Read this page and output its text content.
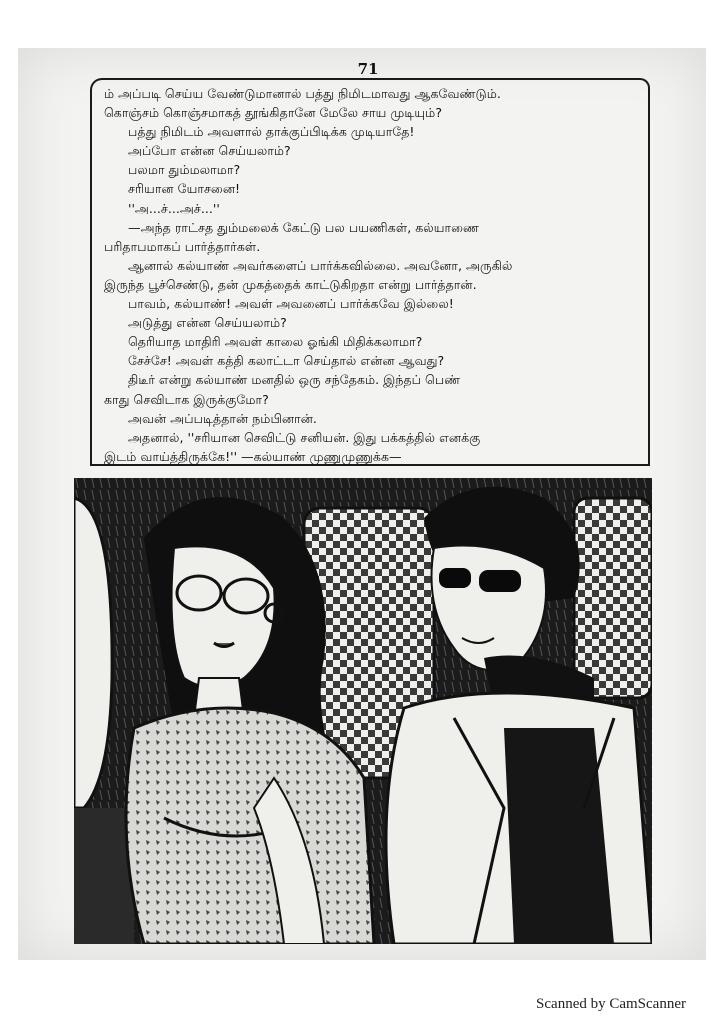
71
ம் அப்படி செய்ய வேண்டுமானால் பத்து நிமிடமாவது ஆகவேண்டும்.
கொஞ்சம் கொஞ்சமாகத் தூங்கிதானே மேலே சாய முடியும்?
பத்து நிமிடம் அவளால் தாக்குப்பிடிக்க முடியாதே!
அப்போ என்ன செய்யலாம்?
பலமா தும்மலாமா?
சரியான யோசனை!
''அ...ச்...அச்...''
—அந்த ராட்சத தும்மலைக் கேட்டு பல பயணிகள், கல்யாணை
பரிதாபமாகப் பார்த்தார்கள்.
ஆனால் கல்யாண் அவர்களைப் பார்க்கவில்லை. அவனோ, அருகில்
இருந்த பூச்செண்டு, தன் முகத்தைக் காட்டுகிறதா என்று பார்த்தான்.
பாவம், கல்யாண்! அவள் அவனைப் பார்க்கவே இல்லை!
அடுத்து என்ன செய்யலாம்?
தெரியாத மாதிரி அவள் காலை ஓங்கி மிதிக்கலாமா?
சேச்சே! அவள் கத்தி கலாட்டா செய்தால் என்ன ஆவது?
திடீர் என்று கல்யாண் மனதில் ஒரு சந்தேகம். இந்தப் பெண்
காது செவிடாக இருக்குமோ?
அவன் அப்படித்தான் நம்பினான்.
அதனால், ''சரியான செவிட்டு சனியன். இது பக்கத்தில் எனக்கு
இடம் வாய்த்திருக்கே!'' —கல்யாண் முணுமுணுக்க—
Scanned by CamScanner
